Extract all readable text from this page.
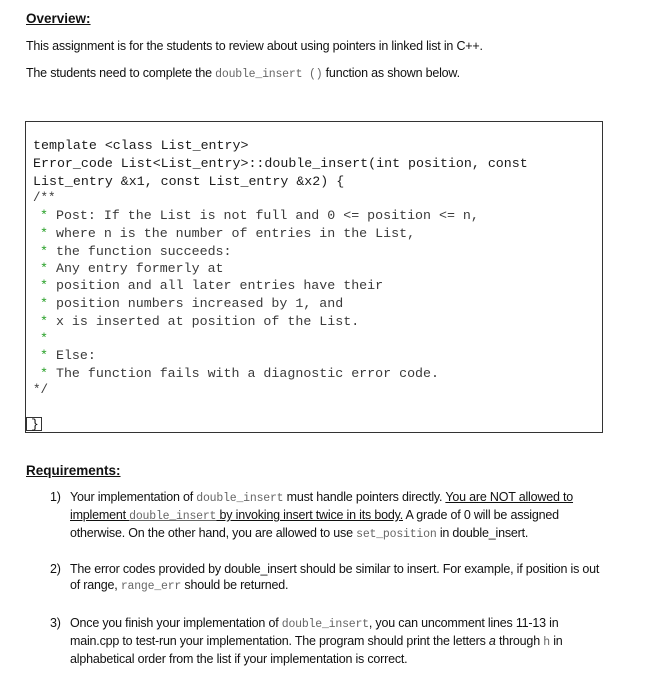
Overview:
This assignment is for the students to review about using pointers in linked list in C++.
The students need to complete the double_insert () function as shown below.
template <class List_entry>
Error_code List<List_entry>::double_insert(int position, const
List_entry &x1, const List_entry &x2) {
/**
* Post: If the List is not full and 0 <= position <= n,
* where n is the number of entries in the List,
* the function succeeds:
* Any entry formerly at
* position and all later entries have their
* position numbers increased by 1, and
* x is inserted at position of the List.
*
* Else:
* The function fails with a diagnostic error code.
*/
}
Requirements:
1) Your implementation of double_insert must handle pointers directly. You are NOT allowed to implement double_insert by invoking insert twice in its body. A grade of 0 will be assigned otherwise. On the other hand, you are allowed to use set_position in double_insert.
2) The error codes provided by double_insert should be similar to insert. For example, if position is out of range, range_err should be returned.
3) Once you finish your implementation of double_insert, you can uncomment lines 11-13 in main.cpp to test-run your implementation. The program should print the letters a through h in alphabetical order from the list if your implementation is correct.
